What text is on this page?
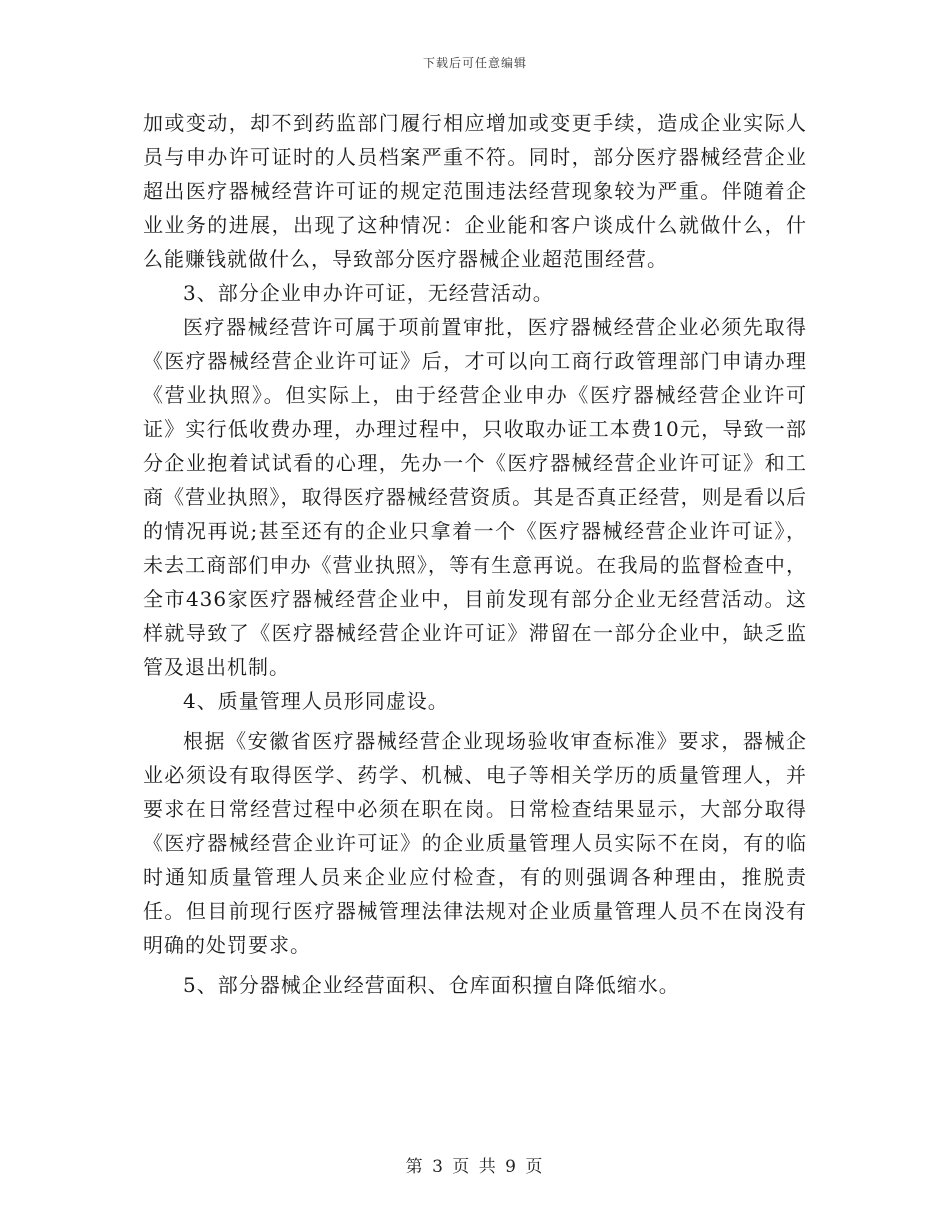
下载后可任意编辑

加或变动，却不到药监部门履行相应增加或变更手续，造成企业实际人员与申办许可证时的人员档案严重不符。同时，部分医疗器械经营企业超出医疗器械经营许可证的规定范围违法经营现象较为严重。伴随着企业业务的进展，出现了这种情况：企业能和客户谈成什么就做什么，什么能赚钱就做什么，导致部分医疗器械企业超范围经营。

3、部分企业申办许可证，无经营活动。

医疗器械经营许可属于项前置审批，医疗器械经营企业必须先取得《医疗器械经营企业许可证》后，才可以向工商行政管理部门申请办理《营业执照》。但实际上，由于经营企业申办《医疗器械经营企业许可证》实行低收费办理，办理过程中，只收取办证工本费10元，导致一部分企业抱着试试看的心理，先办一个《医疗器械经营企业许可证》和工商《营业执照》，取得医疗器械经营资质。其是否真正经营，则是看以后的情况再说;甚至还有的企业只拿着一个《医疗器械经营企业许可证》，未去工商部们申办《营业执照》，等有生意再说。在我局的监督检查中，全市436家医疗器械经营企业中，目前发现有部分企业无经营活动。这样就导致了《医疗器械经营企业许可证》滞留在一部分企业中，缺乏监管及退出机制。

4、质量管理人员形同虚设。

根据《安徽省医疗器械经营企业现场验收审查标准》要求，器械企业必须设有取得医学、药学、机械、电子等相关学历的质量管理人，并要求在日常经营过程中必须在职在岗。日常检查结果显示，大部分取得《医疗器械经营企业许可证》的企业质量管理人员实际不在岗，有的临时通知质量管理人员来企业应付检查，有的则强调各种理由，推脱责任。但目前现行医疗器械管理法律法规对企业质量管理人员不在岗没有明确的处罚要求。

5、部分器械企业经营面积、仓库面积擅自降低缩水。

第 3 页 共 9 页
